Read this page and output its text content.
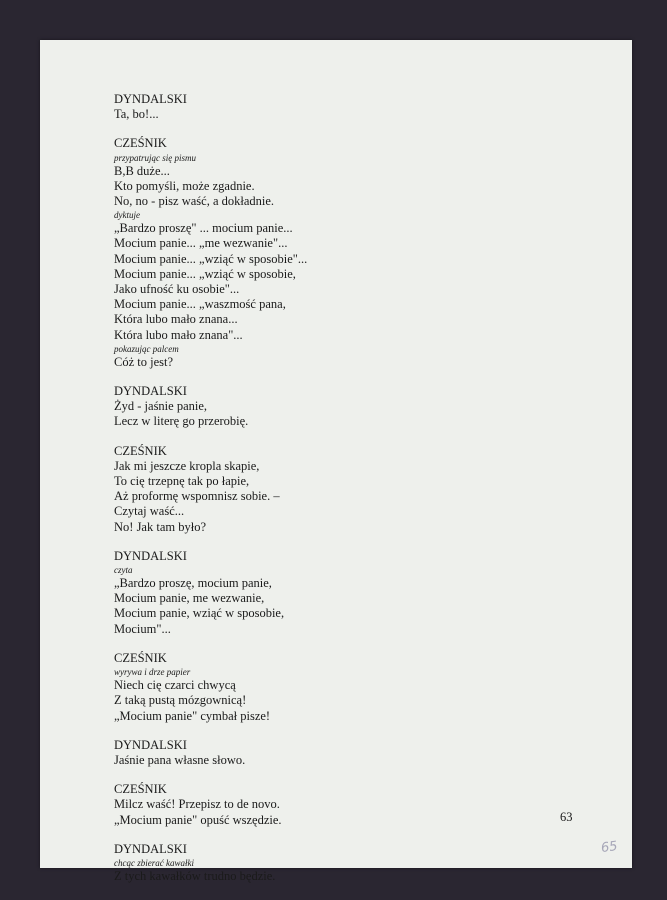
DYNDALSKI
Ta, bo!...
CZEŚNIK
przypatrując się pismu
B,B duże...
Kto pomyśli, może zgadnie.
No, no - pisz waść, a dokładnie.
dyktuje
„Bardzo proszę" ... mocium panie...
Mocium panie... „me wezwanie"...
Mocium panie... „wziąć w sposobie"...
Mocium panie... „wziąć w sposobie,
Jako ufność ku osobie"...
Mocium panie... „waszmość pana,
Która lubo mało znana...
Która lubo mało znana"...
pokazując palcem
Cóż to jest?
DYNDALSKI
Żyd - jaśnie panie,
Lecz w literę go przerobię.
CZEŚNIK
Jak mi jeszcze kropla skapie,
To cię trzepnę tak po łapie,
Aż proformę wspomnisz sobie. –
Czytaj waść...
No! Jak tam było?
DYNDALSKI
czyta
„Bardzo proszę, mocium panie,
Mocium panie, me wezwanie,
Mocium panie, wziąć w sposobie,
Mocium"...
CZEŚNIK
wyrywa i drze papier
Niech cię czarci chwycą
Z taką pustą mózgownicą!
„Mocium panie" cymbał pisze!
DYNDALSKI
Jaśnie pana własne słowo.
CZEŚNIK
Milcz waść! Przepisz to de novo.
„Mocium panie" opuść wszędzie.
DYNDALSKI
chcąc zbierać kawałki
Z tych kawałków trudno będzie.
63
65
